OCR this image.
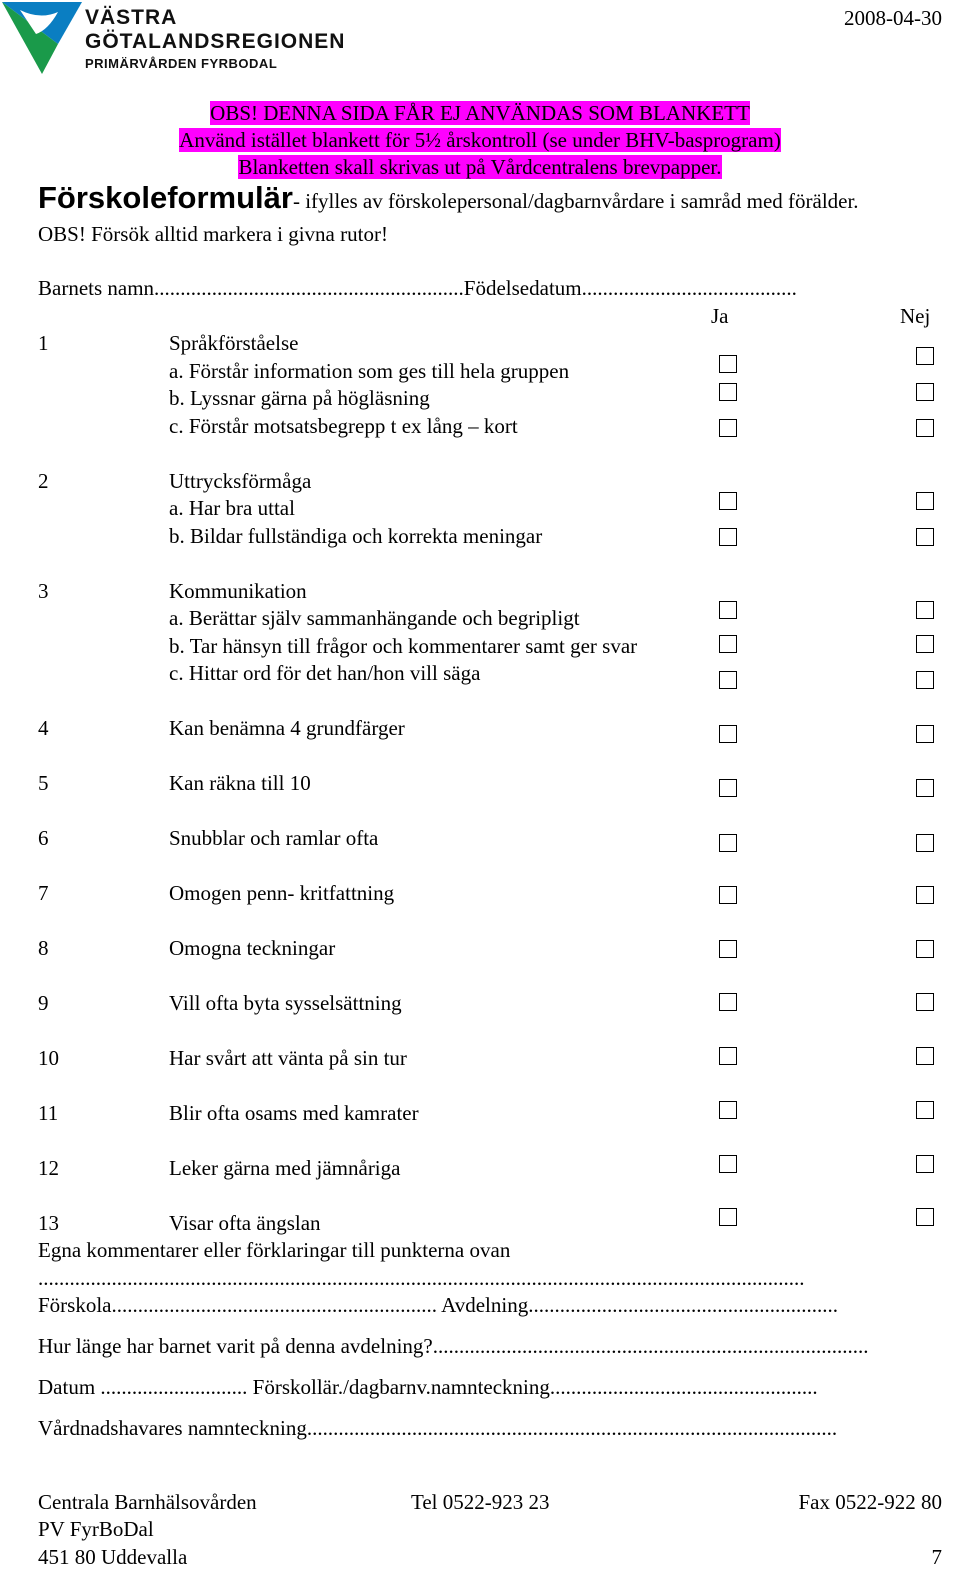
VÄSTRA
GÖTALANDSREGIONEN
PRIMÄRVÅRDEN FYRBODAL
2008-04-30
OBS! DENNA SIDA FÅR EJ ANVÄNDAS SOM BLANKETT
Använd istället blankett för 5½ årskontroll (se under BHV-basprogram)
Blanketten skall skrivas ut på Vårdcentralens brevpapper.
Förskoleformulär- ifylles av förskolepersonal/dagbarnvårdare i samråd med förälder.
OBS! Försök alltid markera i givna rutor!
Barnets namn...........................................................Födelsedatum.........................................
Ja	Nej
1	Språkförståelse
a. Förstår information som ges till hela gruppen
b. Lyssnar gärna på högläsning
c. Förstår motsatsbegrepp t ex lång – kort
2	Uttrycksförmåga
a. Har bra uttal
b. Bildar fullständiga och korrekta meningar
3	Kommunikation
a. Berättar själv sammanhängande och begripligt
b. Tar hänsyn till frågor och kommentarer samt ger svar
c. Hittar ord för det han/hon vill säga
4	Kan benämna 4 grundfärger
5	Kan räkna till 10
6	Snubblar och ramlar ofta
7	Omogen penn- kritfattning
8	Omogna teckningar
9	Vill ofta byta sysselsättning
10	Har svårt att vänta på sin tur
11	Blir ofta osams med kamrater
12	Leker gärna med jämnåriga
13	Visar ofta ängslan
Egna kommentarer eller förklaringar till punkterna ovan
..................................................................................................................................................
Förskola.............................................................. Avdelning...........................................................
Hur länge har barnet varit på denna avdelning?...................................................................................
Datum ............................ Förskollär./dagbarnv.namnteckning...................................................
Vårdnadshavares namnteckning.....................................................................................................
Centrala Barnhälsovården	Tel 0522-923 23	Fax 0522-922 80
PV FyrBoDal
451 80 Uddevalla	7
